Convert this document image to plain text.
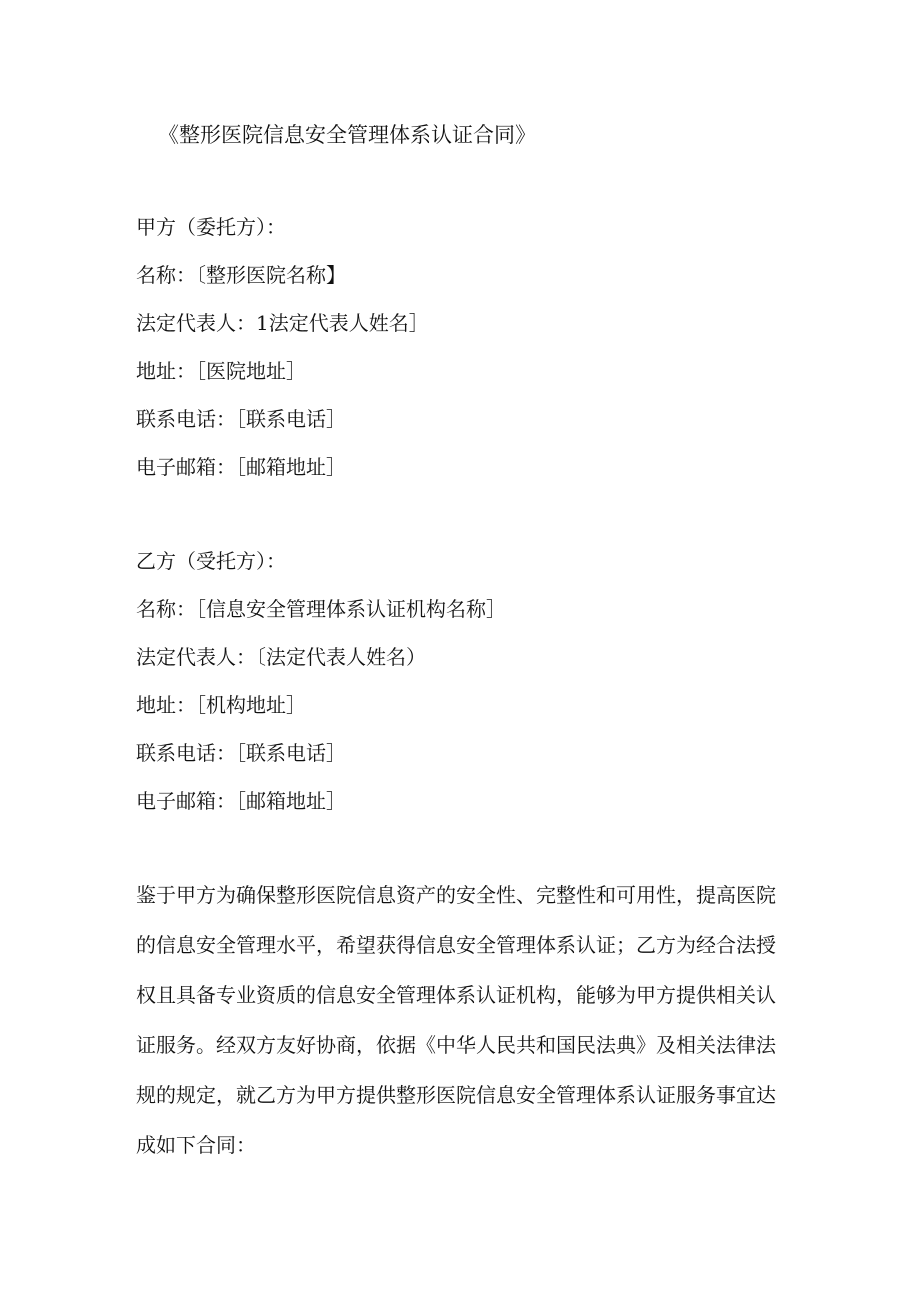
《整形医院信息安全管理体系认证合同》
甲方（委托方）：
名称：〔整形医院名称】
法定代表人：1法定代表人姓名］
地址：［医院地址］
联系电话：［联系电话］
电子邮箱：［邮箱地址］
乙方（受托方）：
名称：［信息安全管理体系认证机构名称］
法定代表人：〔法定代表人姓名）
地址：［机构地址］
联系电话：［联系电话］
电子邮箱：［邮箱地址］
鉴于甲方为确保整形医院信息资产的安全性、完整性和可用性，提高医院
的信息安全管理水平，希望获得信息安全管理体系认证；乙方为经合法授
权且具备专业资质的信息安全管理体系认证机构，能够为甲方提供相关认
证服务。经双方友好协商，依据《中华人民共和国民法典》及相关法律法
规的规定，就乙方为甲方提供整形医院信息安全管理体系认证服务事宜达
成如下合同：
